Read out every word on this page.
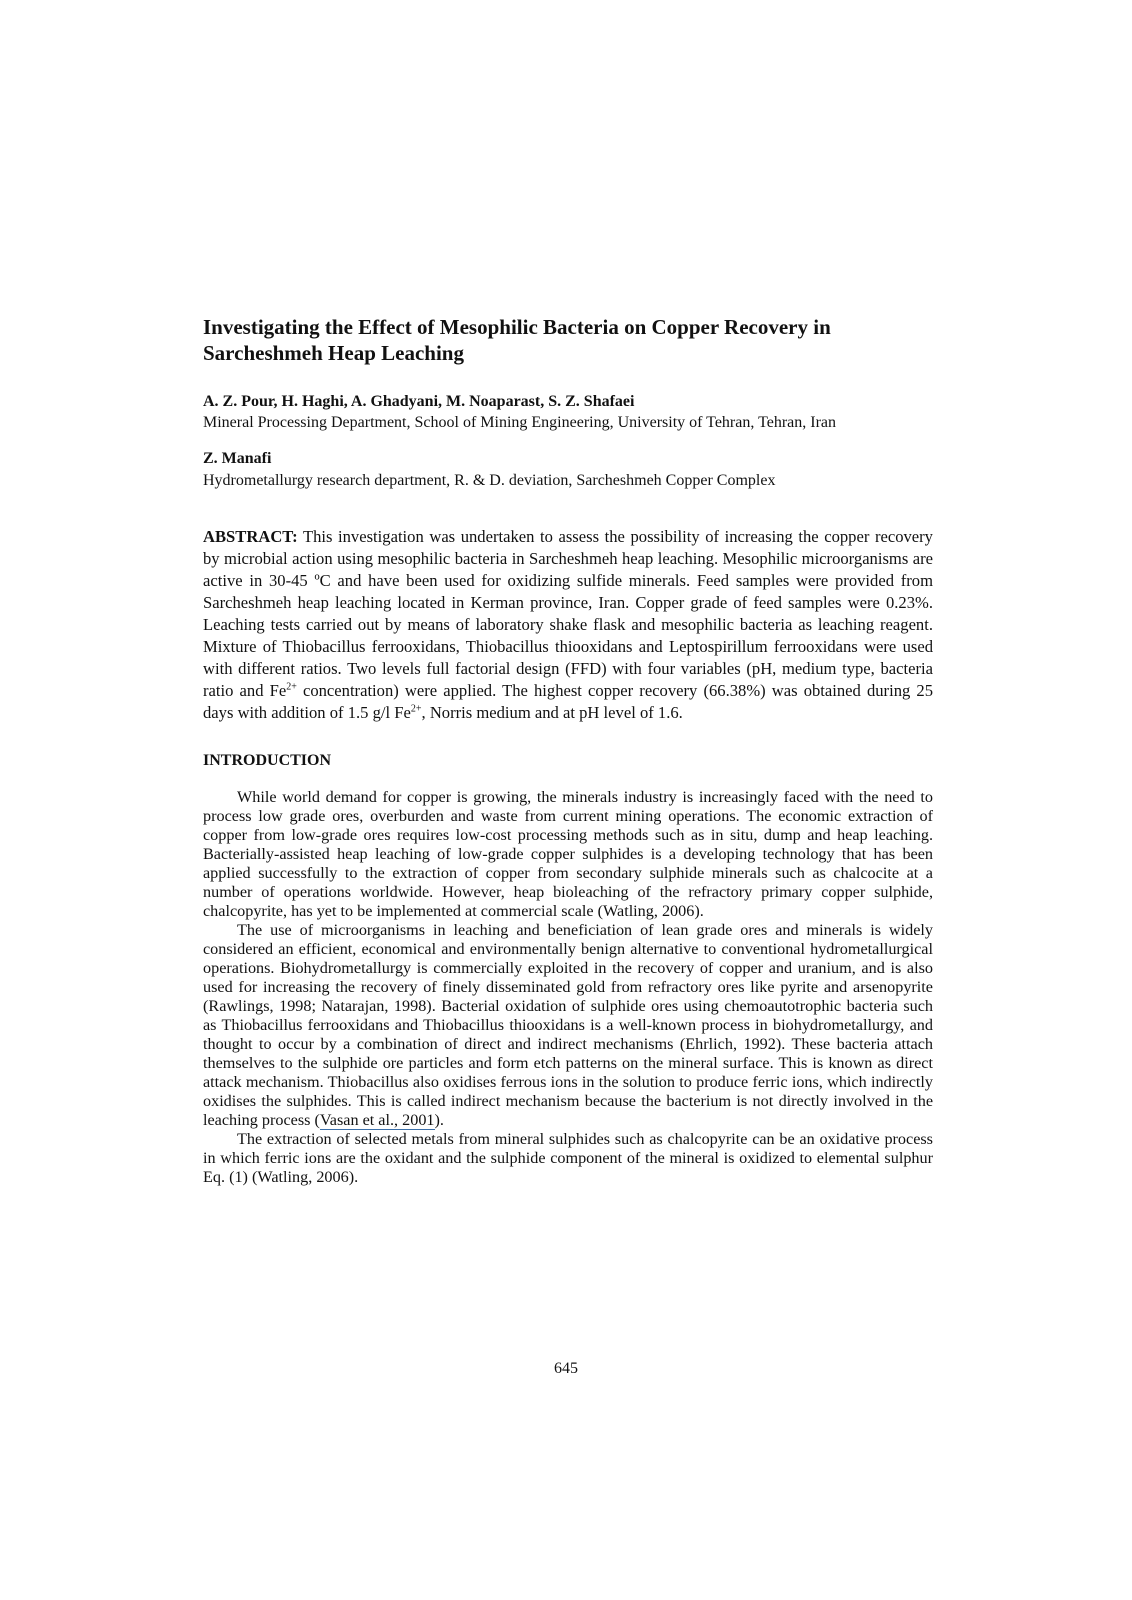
Investigating the Effect of Mesophilic Bacteria on Copper Recovery in Sarcheshmeh Heap Leaching
A. Z. Pour, H. Haghi, A. Ghadyani, M. Noaparast, S. Z. Shafaei
Mineral Processing Department, School of Mining Engineering, University of Tehran, Tehran, Iran
Z. Manafi
Hydrometallurgy research department, R. & D. deviation, Sarcheshmeh Copper Complex
ABSTRACT: This investigation was undertaken to assess the possibility of increasing the copper recovery by microbial action using mesophilic bacteria in Sarcheshmeh heap leaching. Mesophilic microorganisms are active in 30-45 ºC and have been used for oxidizing sulfide minerals. Feed samples were provided from Sarcheshmeh heap leaching located in Kerman province, Iran. Copper grade of feed samples were 0.23%. Leaching tests carried out by means of laboratory shake flask and mesophilic bacteria as leaching reagent. Mixture of Thiobacillus ferrooxidans, Thiobacillus thiooxidans and Leptospirillum ferrooxidans were used with different ratios. Two levels full factorial design (FFD) with four variables (pH, medium type, bacteria ratio and $Fe^{2+}$ concentration) were applied. The highest copper recovery (66.38%) was obtained during 25 days with addition of 1.5 g/l $Fe^{2+}$, Norris medium and at pH level of 1.6.
INTRODUCTION

While world demand for copper is growing, the minerals industry is increasingly faced with the need to process low grade ores, overburden and waste from current mining operations. The economic extraction of copper from low-grade ores requires low-cost processing methods such as in situ, dump and heap leaching. Bacterially-assisted heap leaching of low-grade copper sulphides is a developing technology that has been applied successfully to the extraction of copper from secondary sulphide minerals such as chalcocite at a number of operations worldwide. However, heap bioleaching of the refractory primary copper sulphide, chalcopyrite, has yet to be implemented at commercial scale (Watling, 2006).

The use of microorganisms in leaching and beneficiation of lean grade ores and minerals is widely considered an efficient, economical and environmentally benign alternative to conventional hydrometallurgical operations. Biohydrometallurgy is commercially exploited in the recovery of copper and uranium, and is also used for increasing the recovery of finely disseminated gold from refractory ores like pyrite and arsenopyrite (Rawlings, 1998; Natarajan, 1998). Bacterial oxidation of sulphide ores using chemoautotrophic bacteria such as Thiobacillus ferrooxidans and Thiobacillus thiooxidans is a well-known process in biohydrometallurgy, and thought to occur by a combination of direct and indirect mechanisms (Ehrlich, 1992). These bacteria attach themselves to the sulphide ore particles and form etch patterns on the mineral surface. This is known as direct attack mechanism. Thiobacillus also oxidises ferrous ions in the solution to produce ferric ions, which indirectly oxidises the sulphides. This is called indirect mechanism because the bacterium is not directly involved in the leaching process (Vasan et al., 2001).

The extraction of selected metals from mineral sulphides such as chalcopyrite can be an oxidative process in which ferric ions are the oxidant and the sulphide component of the mineral is oxidized to elemental sulphur Eq. (1) (Watling, 2006).

645
